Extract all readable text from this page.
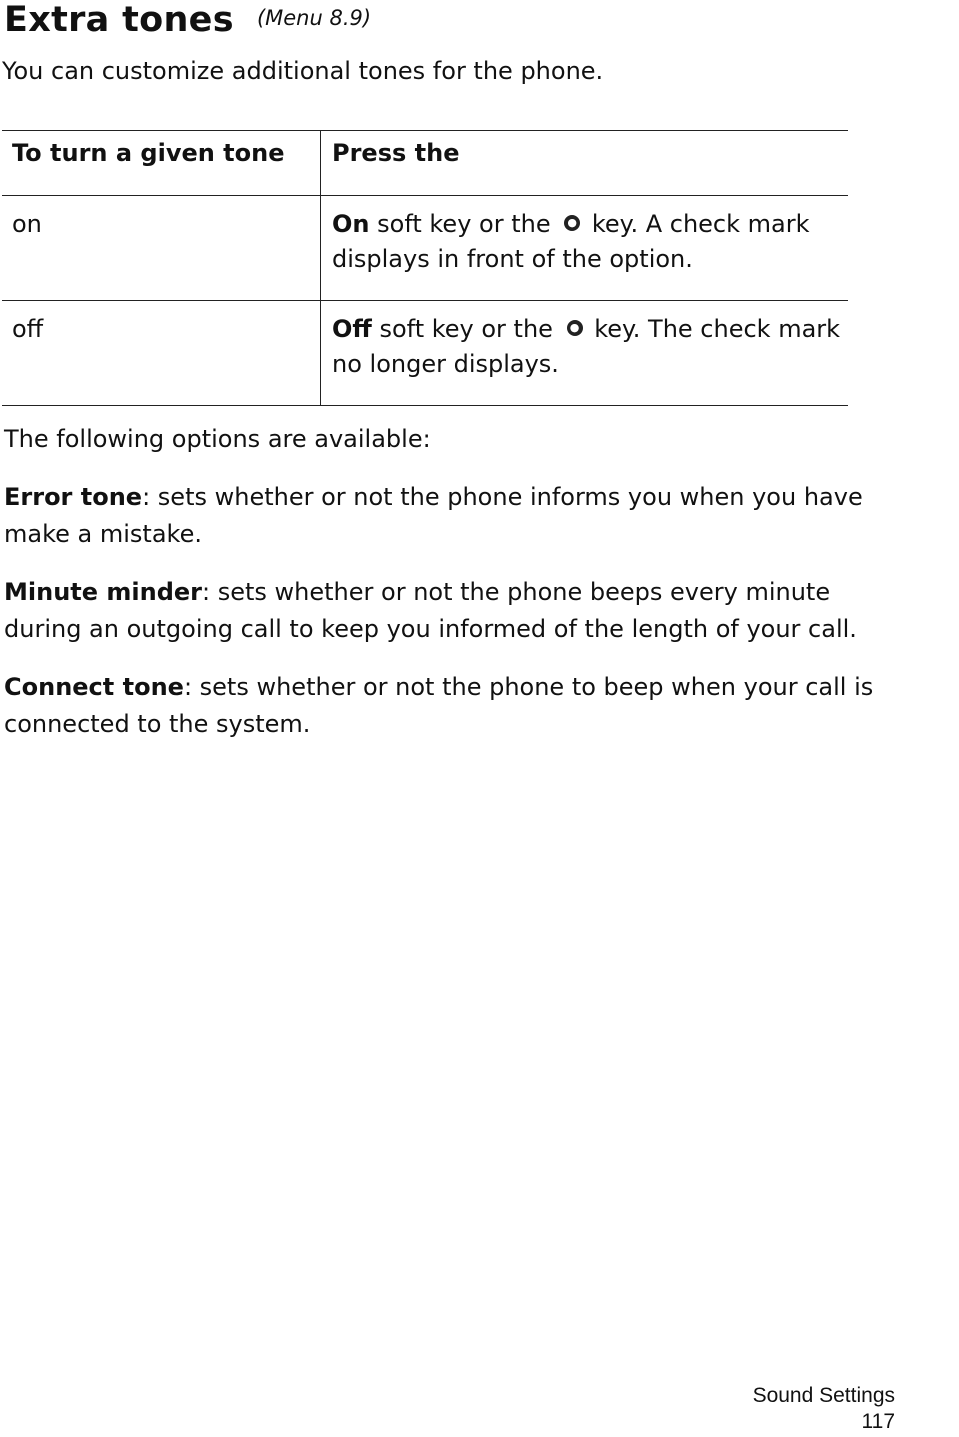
Extra tones (Menu 8.9)
You can customize additional tones for the phone.
To turn a given tone	Press the
on	On soft key or the ● key. A check mark displays in front of the option.
off	Off soft key or the ● key. The check mark no longer displays.

The following options are available:

Error tone: sets whether or not the phone informs you when you have make a mistake.

Minute minder: sets whether or not the phone beeps every minute during an outgoing call to keep you informed of the length of your call.

Connect tone: sets whether or not the phone to beep when your call is connected to the system.

Sound Settings
117
